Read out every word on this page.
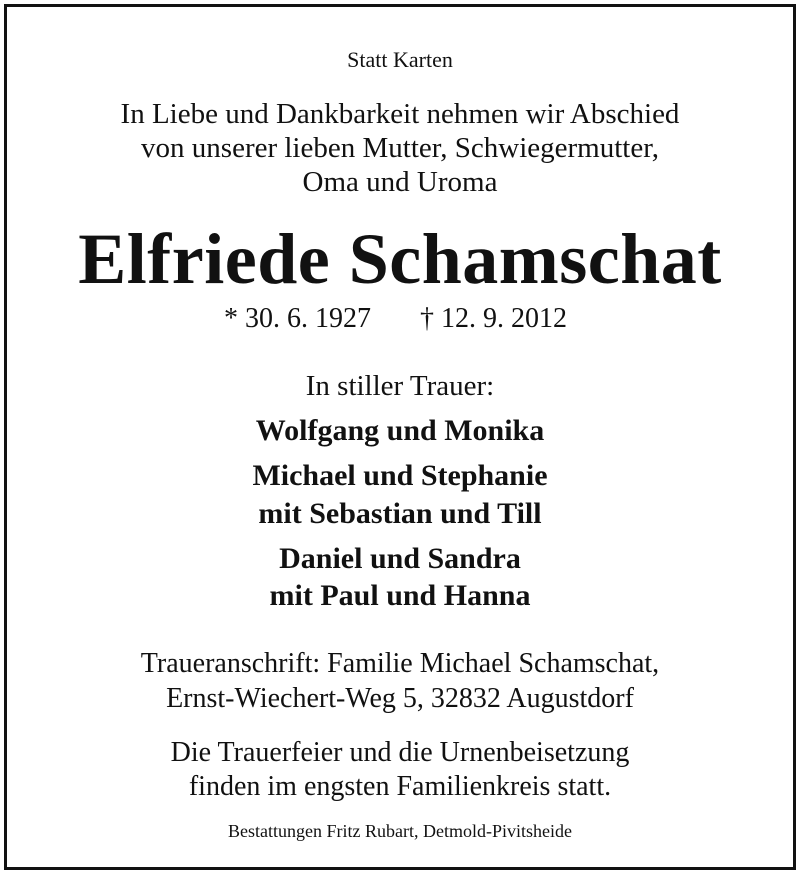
Statt Karten
In Liebe und Dankbarkeit nehmen wir Abschied
von unserer lieben Mutter, Schwiegermutter,
Oma und Uroma
Elfriede Schamschat
* 30. 6. 1927 † 12. 9. 2012
In stiller Trauer:
Wolfgang und Monika
Michael und Stephanie
mit Sebastian und Till
Daniel und Sandra
mit Paul und Hanna
Traueranschrift: Familie Michael Schamschat,
Ernst-Wiechert-Weg 5, 32832 Augustdorf
Die Trauerfeier und die Urnenbeisetzung
finden im engsten Familienkreis statt.
Bestattungen Fritz Rubart, Detmold-Pivitsheide
